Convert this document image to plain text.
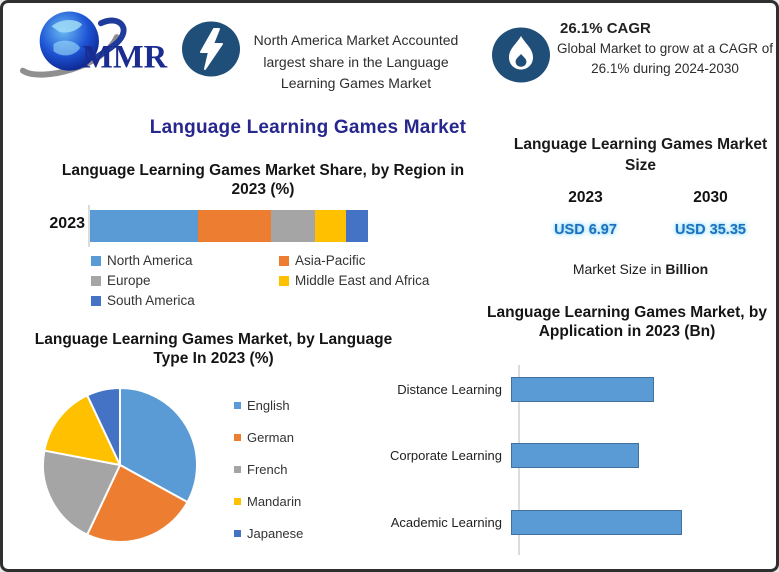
MMR	North America Market Accounted largest share in the Language Learning Games Market

26.1% CAGR

Global Market to grow at a CAGR of 26.1% during 2024-2030

Language Learning Games Market
Language Learning Games Market Share, by Region in 2023 (%)
2023
North America	Asia-Pacific
Europe	Middle East and Africa
South America
Language Learning Games Market, by Language Type In 2023 (%)
English
German
French
Mandarin
Japanese
Language Learning Games Market Size
2023	2030
USD 6.97	USD 35.35
Market Size in Billion
Language Learning Games Market, by Application in 2023 (Bn)
Distance Learning
Corporate Learning
Academic Learning
